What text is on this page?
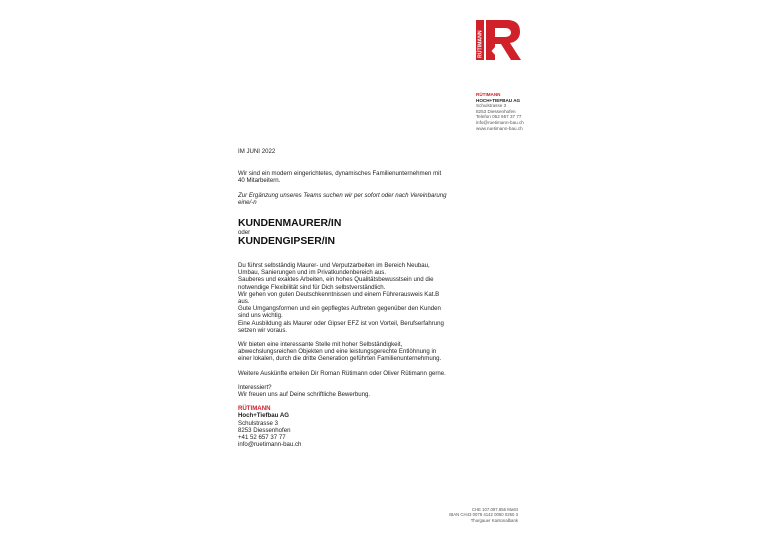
RÜTIMANN
RÜTIMANN
HOCH+TIEFBAU AG
Schulstrasse 3
8253 Diessenhofen
Telefon 052 657 37 77
info@ruetimann-bau.ch
www.ruetimann-bau.ch

IM JUNI 2022

Wir sind ein modern eingerichtetes, dynamisches Familienunternehmen mit

40 Mitarbeitern.

Zur Ergänzung unseres Teams suchen wir per sofort oder nach Vereinbarung

eine/-n

KUNDENMAURER/IN

oder

KUNDENGIPSER/IN

Du führst selbständig Maurer- und Verputzarbeiten im Bereich Neubau,

Umbau, Sanierungen und im Privatkundenbereich aus.

Sauberes und exaktes Arbeiten, ein hohes Qualitätsbewusstsein und die

notwendige Flexibilität sind für Dich selbstverständlich.

Wir gehen von guten Deutschkenntnissen und einem Führerausweis Kat.B

aus.

Gute Umgangsformen und ein gepflegtes Auftreten gegenüber den Kunden

sind uns wichtig.

Eine Ausbildung als Maurer oder Gipser EFZ ist von Vorteil, Berufserfahrung

setzen wir voraus.

Wir bieten eine interessante Stelle mit hoher Selbständigkeit,

abwechslungsreichen Objekten und eine leistungsgerechte Entlöhnung in

einer lokalen, durch die dritte Generation geführten Familienunternehmung.

Weitere Auskünfte erteilen Dir Roman Rütimann oder Oliver Rütimann gerne.

Interessiert?

Wir freuen uns auf Deine schriftliche Bewerbung.

RÜTIMANN

Hoch+Tiefbau AG

Schulstrasse 3

8253 Diessenhofen

+41 52 657 37 77

info@ruetimann-bau.ch

CHE 107.097.856 MwSt
IBAN CH43 0078 4142 0050 0250 3
Thurgauer Kantonalbank
